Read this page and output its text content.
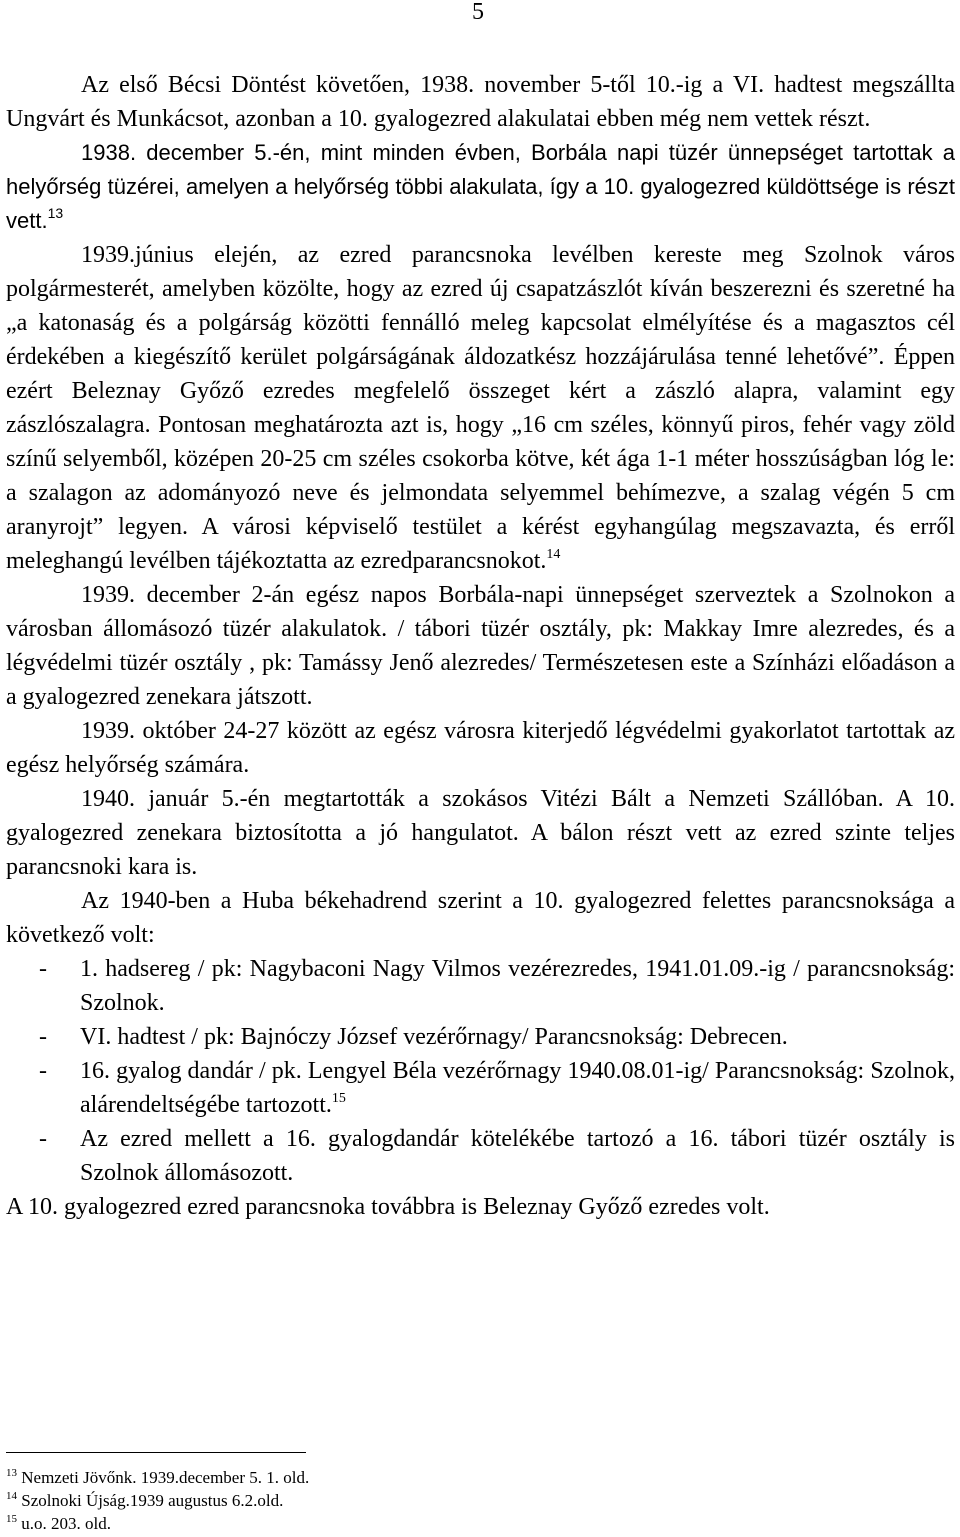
5

Az első Bécsi Döntést követően, 1938. november 5-től 10.-ig a VI. hadtest megszállta Ungvárt és Munkácsot, azonban a 10. gyalogezred alakulatai ebben még nem vettek részt.

1938. december 5.-én, mint minden évben, Borbála napi tüzér ünnepséget tartottak a helyőrség tüzérei, amelyen a helyőrség többi alakulata, így a 10. gyalogezred küldöttsége is részt vett.$^{13}$

1939.június elején, az ezred parancsnoka levélben kereste meg Szolnok város polgármesterét, amelyben közölte, hogy az ezred új csapatzászlót kíván beszerezni és szeretné ha „a katonaság és a polgárság közötti fennálló meleg kapcsolat elmélyítése és a magasztos cél érdekében a kiegészítő kerület polgárságának áldozatkész hozzájárulása tenné lehetővé”. Éppen ezért Beleznay Győző ezredes megfelelő összeget kért a zászló alapra, valamint egy zászlószalagra. Pontosan meghatározta azt is, hogy „16 cm széles, könnyű piros, fehér vagy zöld színű selyemből, középen 20-25 cm széles csokorba kötve, két ága 1-1 méter hosszúságban lóg le: a szalagon az adományozó neve és jelmondata selyemmel behímezve, a szalag végén 5 cm aranyrojt” legyen. A városi képviselő testület a kérést egyhangúlag megszavazta, és erről meleghangú levélben tájékoztatta az ezredparancsnokot.$^{14}$

1939. december 2-án egész napos Borbála-napi ünnepséget szerveztek a Szolnokon a városban állomásozó tüzér alakulatok. / tábori tüzér osztály, pk: Makkay Imre alezredes, és a légvédelmi tüzér osztály , pk: Tamássy Jenő alezredes/ Természetesen este a Színházi előadáson a a gyalogezred zenekara játszott.

1939. október 24-27 között az egész városra kiterjedő légvédelmi gyakorlatot tartottak az egész helyőrség számára.

1940. január 5.-én megtartották a szokásos Vitézi Bált a Nemzeti Szállóban. A 10. gyalogezred zenekara biztosította a jó hangulatot. A bálon részt vett az ezred szinte teljes parancsnoki kara is.

Az 1940-ben a Huba békehadrend szerint a 10. gyalogezred felettes parancsnoksága a következő volt:

- 1. hadsereg / pk: Nagybaconi Nagy Vilmos vezérezredes, 1941.01.09.-ig / parancsnokság: Szolnok.
- VI. hadtest / pk: Bajnóczy József vezérőrnagy/ Parancsnokság: Debrecen.
- 16. gyalog dandár / pk. Lengyel Béla vezérőrnagy 1940.08.01-ig/ Parancsnokság: Szolnok, alárendeltségébe tartozott.$^{15}$
- Az ezred mellett a 16. gyalogdandár kötelékébe tartozó a 16. tábori tüzér osztály is Szolnok állomásozott.

A 10. gyalogezred ezred parancsnoka továbbra is Beleznay Győző ezredes volt.

$^{13}$ Nemzeti Jövőnk. 1939.december 5. 1. old.

$^{14}$ Szolnoki Újság.1939 augustus 6.2.old.

$^{15}$ u.o. 203. old.
